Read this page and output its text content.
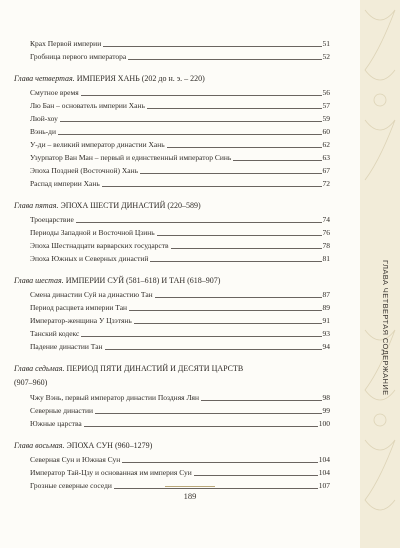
ГЛАВА ЧЕТВЕРТАЯ СОДЕРЖАНИЕ
Крах Первой империи	51
Гробница первого императора	52
Глава четвертая. ИМПЕРИЯ ХАНЬ (202 до н. э. – 220)
Смутное время	56
Лю Бан – основатель империи Хань	57
Люй-хоу	59
Вэнь-ди	60
У-ди – великий император династии Хань	62
Узурпатор Ван Ман – первый и единственный император Синь	63
Эпоха Поздней (Восточной) Хань	67
Распад империи Хань	72
Глава пятая. ЭПОХА ШЕСТИ ДИНАСТИЙ (220–589)
Троецарствие	74
Периоды Западной и Восточной Цзинь	76
Эпоха Шестнадцати варварских государств	78
Эпоха Южных и Северных династий	81
Глава шестая. ИМПЕРИИ СУЙ (581–618) И ТАН (618–907)
Смена династии Суй на династию Тан	87
Период расцвета империи Тан	89
Император-женщина У Цзэтянь	91
Танский кодекс	93
Падение династии Тан	94
Глава седьмая. ПЕРИОД ПЯТИ ДИНАСТИЙ И ДЕСЯТИ ЦАРСТВ
(907–960)
Чжу Вэнь, первый император династии Поздняя Лян	98
Северные династии	99
Южные царства	100
Глава восьмая. ЭПОХА СУН (960–1279)
Северная Сун и Южная Сун	104
Император Тай-Цзу и основанная им империя Суи	104
Грозные северные соседи	107
189
